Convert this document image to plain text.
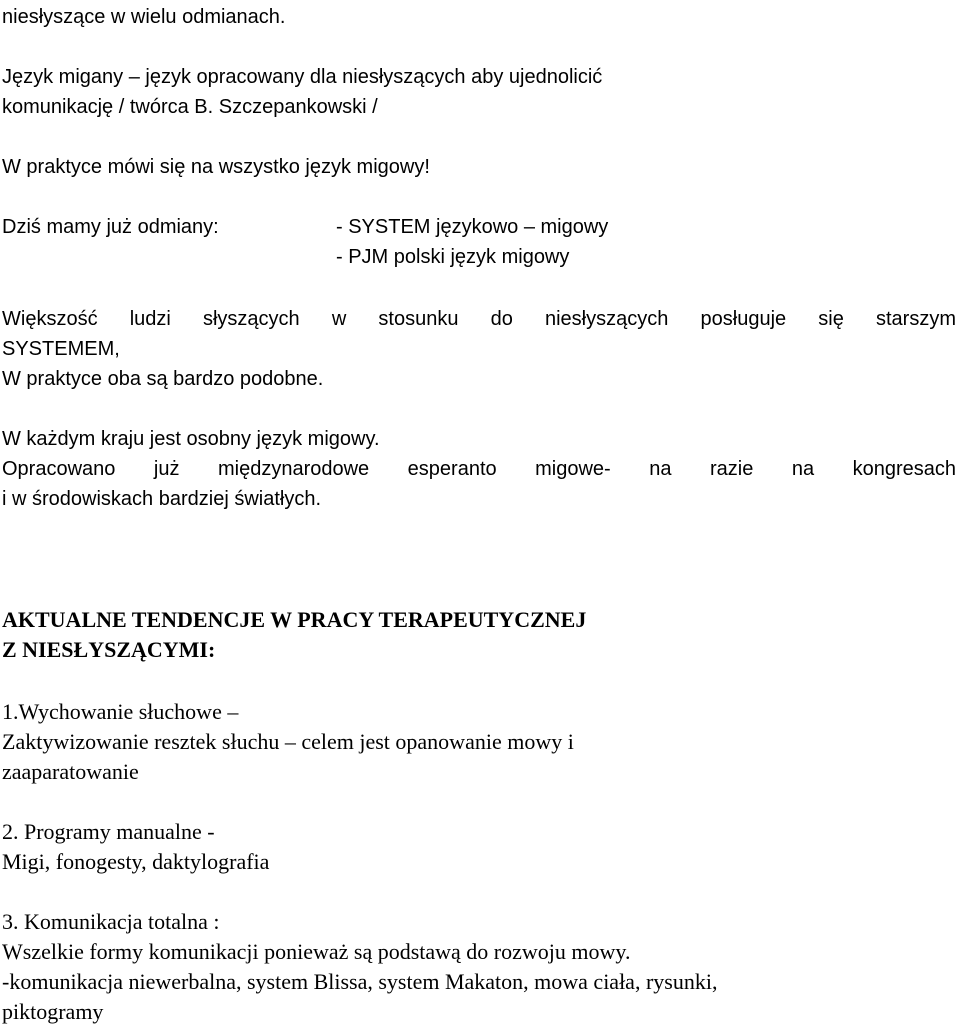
niesłyszące w wielu odmianach.
Język migany – język opracowany dla niesłyszących aby ujednolicić
komunikację / twórca B. Szczepankowski /
W praktyce mówi się na wszystko język migowy!
Dziś mamy już odmiany:	- SYSTEM językowo – migowy
- PJM polski język migowy
Większość ludzi słyszących w stosunku do niesłyszących posługuje się starszym
SYSTEMEM,
W praktyce oba są bardzo podobne.
W każdym kraju jest osobny język migowy.
Opracowano już międzynarodowe esperanto migowe- na razie na kongresach
i w środowiskach bardziej światłych.
AKTUALNE TENDENCJE W PRACY TERAPEUTYCZNEJ
Z NIESŁYSZĄCYMI:
1.Wychowanie słuchowe –
Zaktywizowanie resztek słuchu – celem jest opanowanie mowy i
zaaparatowanie
2. Programy manualne -
Migi, fonogesty, daktylografia
3. Komunikacja totalna :
Wszelkie formy komunikacji ponieważ są podstawą do rozwoju mowy.
-komunikacja niewerbalna, system Blissa, system Makaton, mowa ciała, rysunki,
piktogramy
